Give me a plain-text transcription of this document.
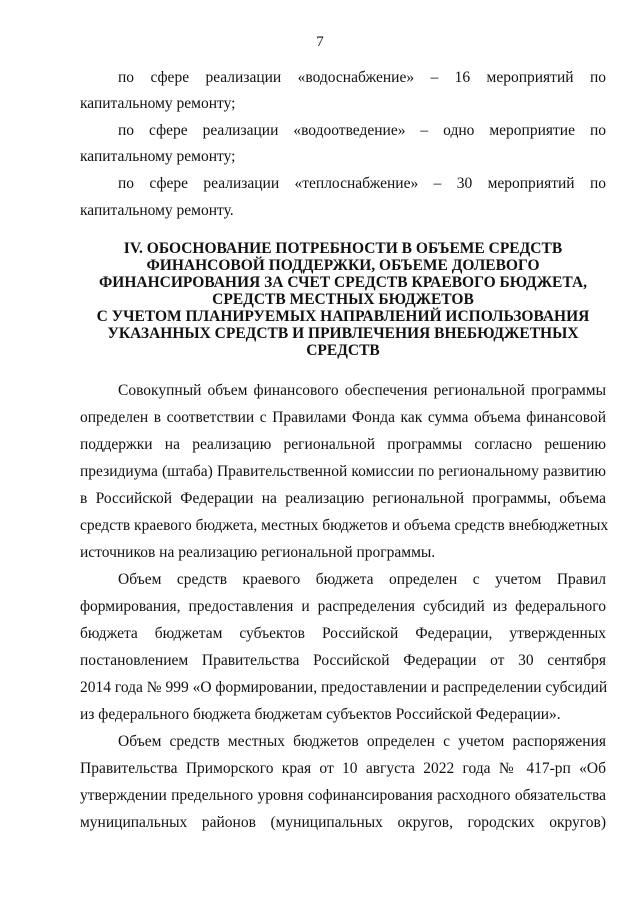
7
по сфере реализации «водоснабжение» – 16 мероприятий по
капитальному ремонту;
по сфере реализации «водоотведение» – одно мероприятие по
капитальному ремонту;
по сфере реализации «теплоснабжение» – 30 мероприятий по
капитальному ремонту.
IV. ОБОСНОВАНИЕ ПОТРЕБНОСТИ В ОБЪЕМЕ СРЕДСТВ
ФИНАНСОВОЙ ПОДДЕРЖКИ, ОБЪЕМЕ ДОЛЕВОГО
ФИНАНСИРОВАНИЯ ЗА СЧЕТ СРЕДСТВ КРАЕВОГО БЮДЖЕТА,
СРЕДСТВ МЕСТНЫХ БЮДЖЕТОВ
С УЧЕТОМ ПЛАНИРУЕМЫХ НАПРАВЛЕНИЙ ИСПОЛЬЗОВАНИЯ
УКАЗАННЫХ СРЕДСТВ И ПРИВЛЕЧЕНИЯ ВНЕБЮДЖЕТНЫХ
СРЕДСТВ
Совокупный объем финансового обеспечения региональной программы
определен в соответствии с Правилами Фонда как сумма объема финансовой
поддержки на реализацию региональной программы согласно решению
президиума (штаба) Правительственной комиссии по региональному развитию
в Российской Федерации на реализацию региональной программы, объема
средств краевого бюджета, местных бюджетов и объема средств внебюджетных
источников на реализацию региональной программы.
Объем средств краевого бюджета определен с учетом Правил
формирования, предоставления и распределения субсидий из федерального
бюджета бюджетам субъектов Российской Федерации, утвержденных
постановлением Правительства Российской Федерации от 30 сентября
2014 года № 999 «О формировании, предоставлении и распределении субсидий
из федерального бюджета бюджетам субъектов Российской Федерации».
Объем средств местных бюджетов определен с учетом распоряжения
Правительства Приморского края от 10 августа 2022 года № 417-рп «Об
утверждении предельного уровня софинансирования расходного обязательства
муниципальных районов (муниципальных округов, городских округов)
